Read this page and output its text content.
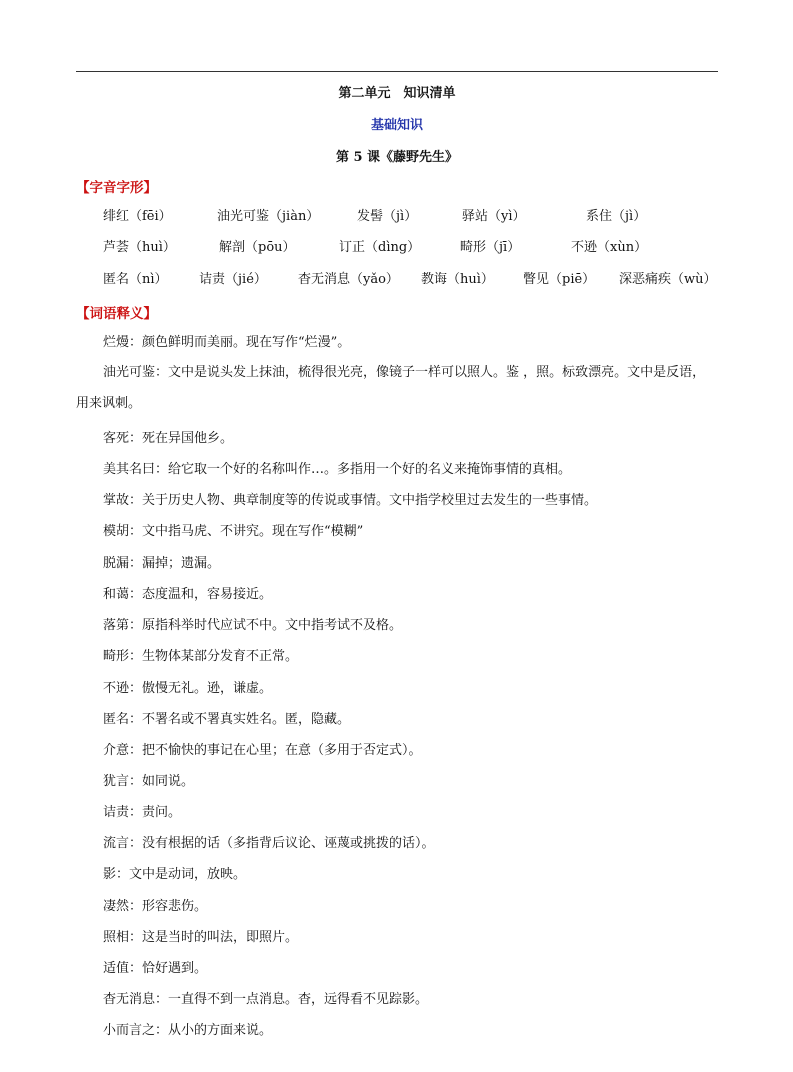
第二单元　知识清单
基础知识
第 5 课《藤野先生》
【字音字形】
绯红（fēi）	油光可鉴（jiàn）	发髻（jì）	驿站（yì）	系住（jì）
芦荟（huì）	解剖（pōu）	订正（dìng）	畸形（jī）	不逊（xùn）
匿名（nì） 诘责（jié） 杳无消息（yǎo） 教诲（huì） 瞥见（piē） 深恶痛疾（wù）
【词语释义】
烂熳：颜色鲜明而美丽。现在写作“烂漫”。
油光可鉴：文中是说头发上抹油，梳得很光亮，像镜子一样可以照人。鉴 ，照。标致漂亮。文中是反语，用来讽刺。
客死：死在异国他乡。
美其名曰：给它取一个好的名称叫作…。多指用一个好的名义来掩饰事情的真相。
掌故：关于历史人物、典章制度等的传说或事情。文中指学校里过去发生的一些事情。
模胡：文中指马虎、不讲究。现在写作“模糊”
脱漏：漏掉；遗漏。
和蔼：态度温和，容易接近。
落第：原指科举时代应试不中。文中指考试不及格。
畸形：生物体某部分发育不正常。
不逊：傲慢无礼。逊，谦虚。
匿名：不署名或不署真实姓名。匿，隐藏。
介意：把不愉快的事记在心里；在意（多用于否定式）。
犹言：如同说。
诘责：责问。
流言：没有根据的话（多指背后议论、诬蔑或挑拨的话）。
影：文中是动词，放映。
凄然：形容悲伤。
照相：这是当时的叫法，即照片。
适值：恰好遇到。
杳无消息：一直得不到一点消息。杳，远得看不见踪影。
小而言之：从小的方面来说。
